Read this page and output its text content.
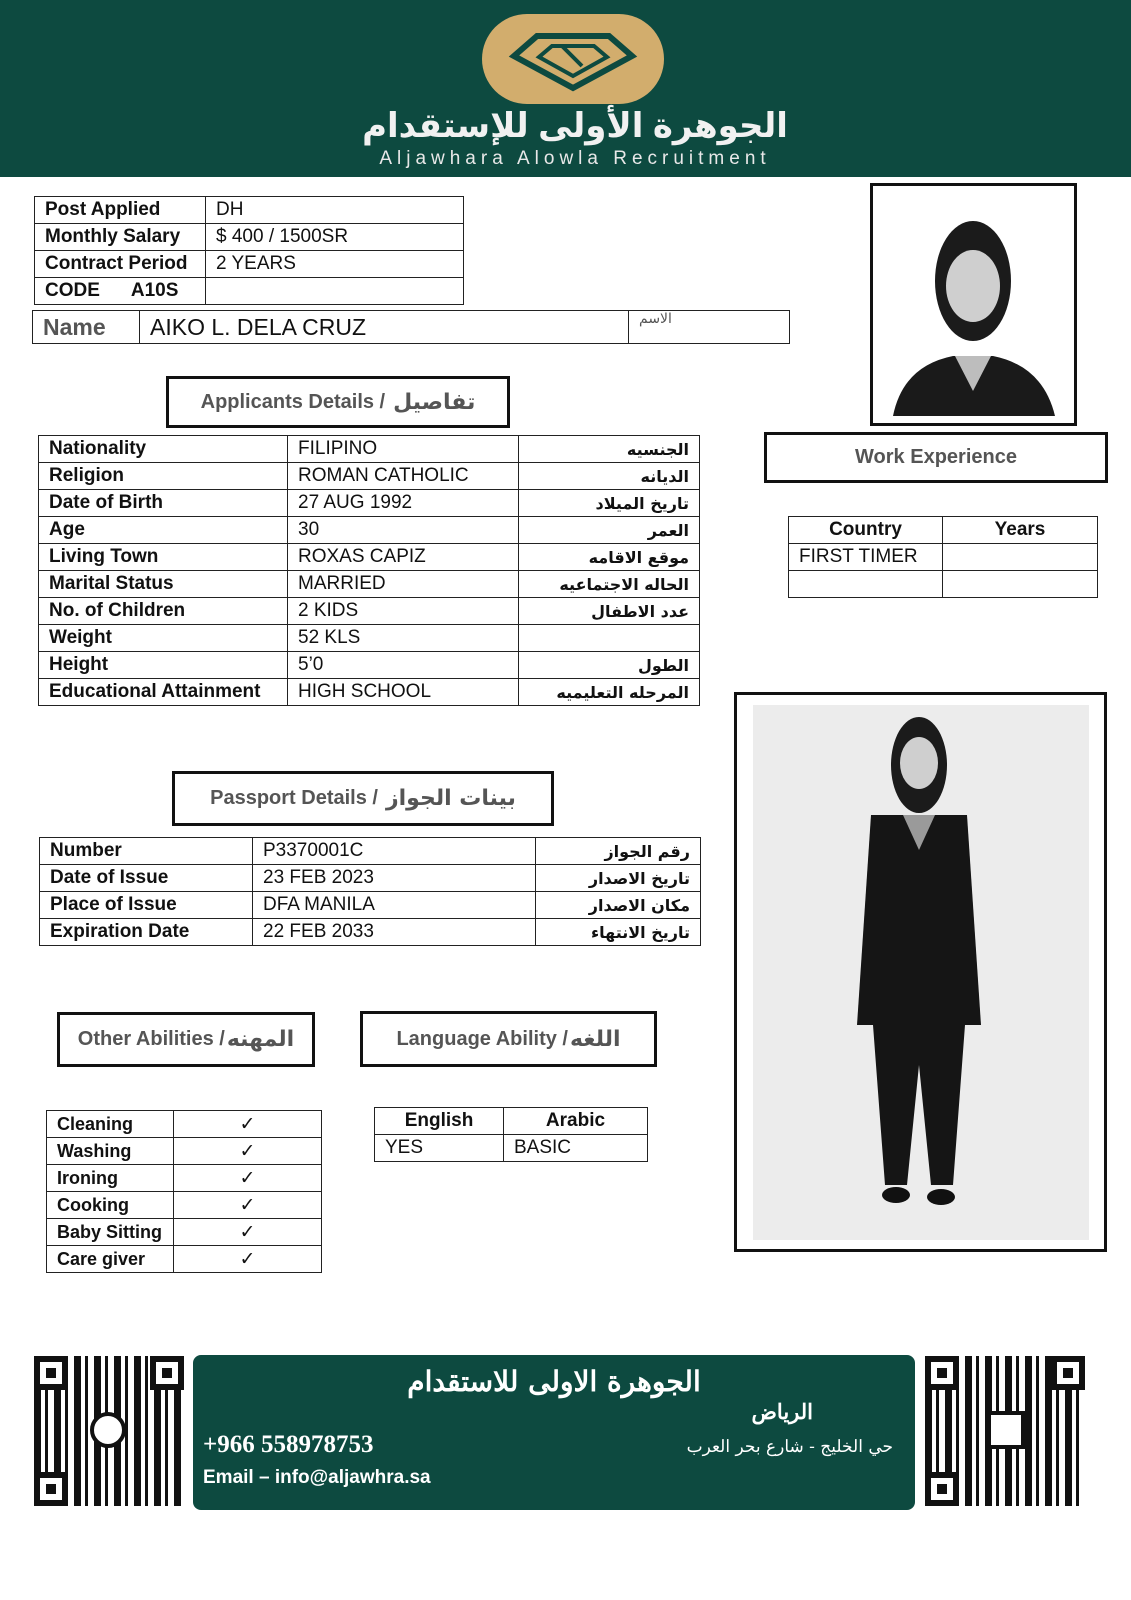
الجوهرة الأولى للإستقدام
Aljawhara Alowla Recruitment
Post Applied	DH
Monthly Salary	$ 400 / 1500SR
Contract Period	2 YEARS
CODE      A10S	
Name	AIKO L. DELA CRUZ	الاسم
Applicants Details / تفاصيل
Nationality	FILIPINO	الجنسيه
Religion	ROMAN CATHOLIC	الديانه
Date of Birth	27 AUG 1992	تاريخ الميلاد
Age	30	العمر
Living Town	ROXAS CAPIZ	موقع الاقامه
Marital Status	MARRIED	الحاله الاجتماعيه
No. of Children	2 KIDS	عدد الاطفال
Weight	52 KLS	
Height	5’0	الطول
Educational Attainment	HIGH SCHOOL	المرحله التعليميه
Work Experience
Country	Years
FIRST TIMER	

Passport Details / بينات الجواز
Number	P3370001C	رقم الجواز
Date of Issue	23 FEB 2023	تاريخ الاصدار
Place of Issue	DFA MANILA	مكان الاصدار
Expiration Date	22 FEB 2033	تاريخ الانتهاء
Other Abilities / المهنه
Cleaning	✓
Washing	✓
Ironing	✓
Cooking	✓
Baby Sitting	✓
Care giver	✓
Language Ability / اللغه
English	Arabic
YES	BASIC
الجوهرة الاولى للاستقدام
+966 558978753
Email – info@aljawhra.sa
الرياض
حي الخليج - شارع بحر العرب
